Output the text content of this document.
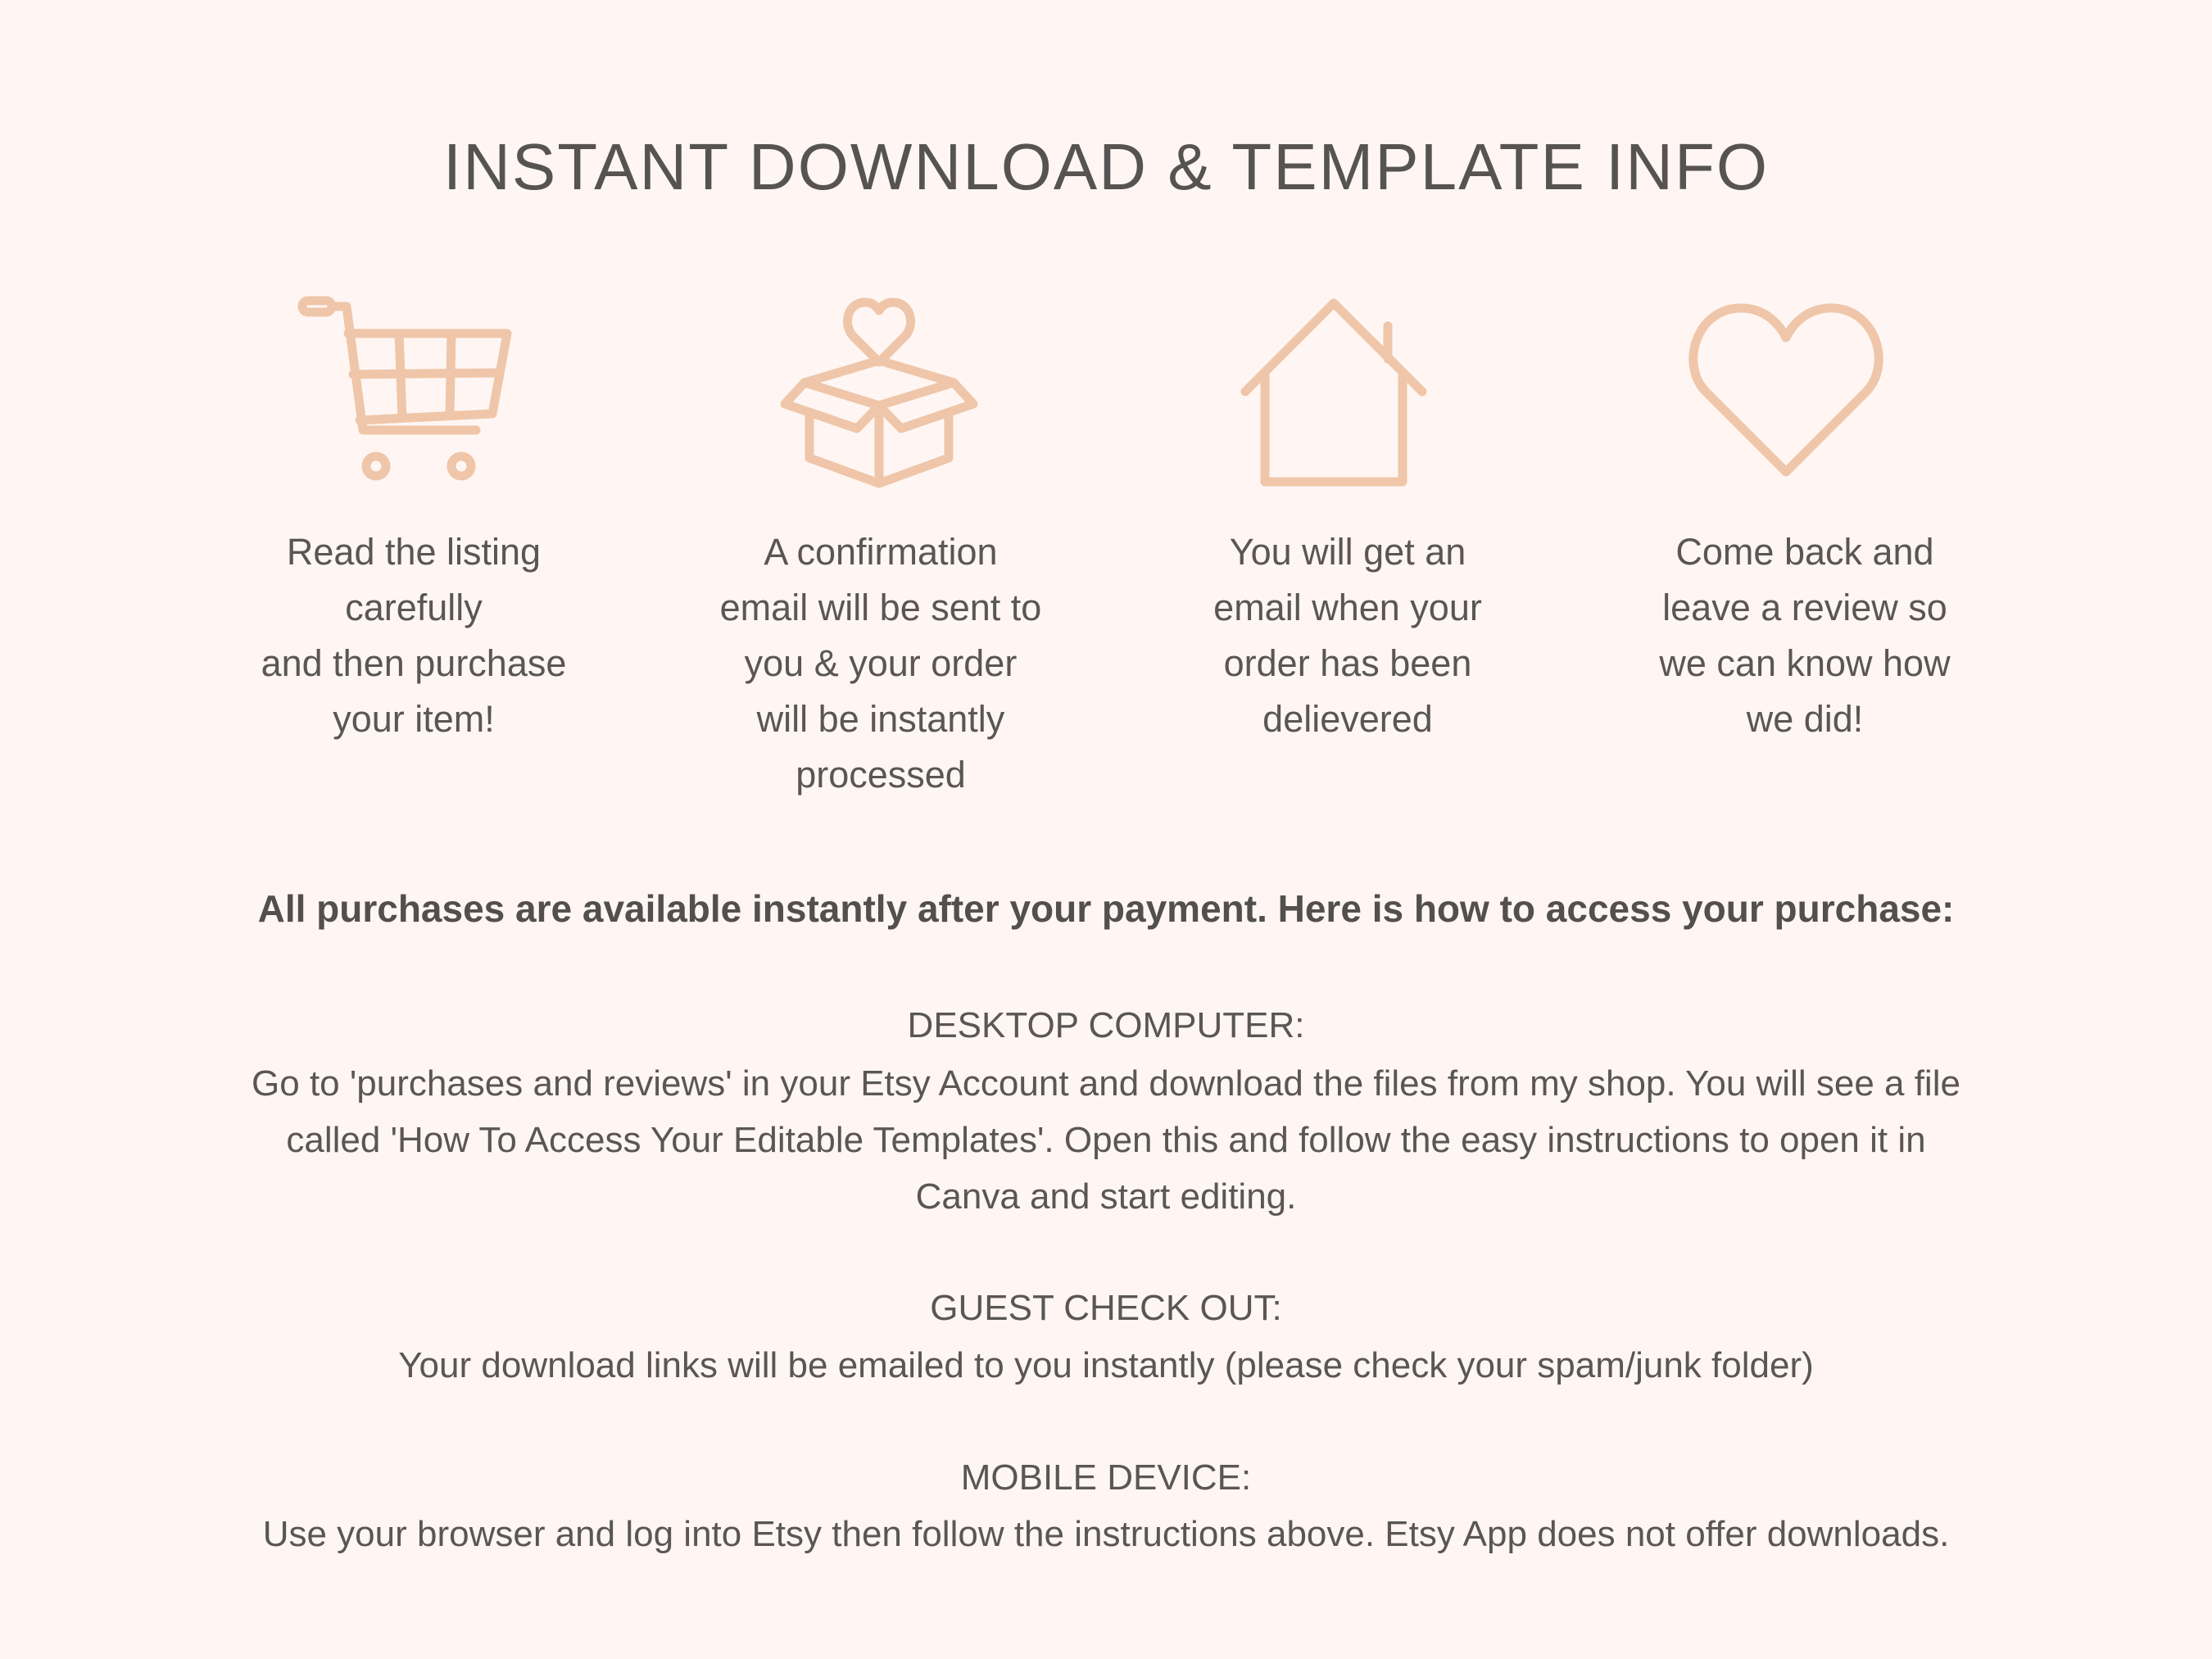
INSTANT DOWNLOAD & TEMPLATE INFO
Read the listing
carefully
and then purchase
your item!
A confirmation
email will be sent to
you & your order
will be instantly
processed
You will get an
email when your
order has been
delievered
Come back and
leave a review so
we can know how
we did!
All purchases are available instantly after your payment. Here is how to access your purchase:
DESKTOP COMPUTER:
Go to 'purchases and reviews' in your Etsy Account and download the files from my shop. You will see a file
called 'How To Access Your Editable Templates'. Open this and follow the easy instructions to open it in
Canva and start editing.
GUEST CHECK OUT:
Your download links will be emailed to you instantly (please check your spam/junk folder)
MOBILE DEVICE:
Use your browser and log into Etsy then follow the instructions above. Etsy App does not offer downloads.
